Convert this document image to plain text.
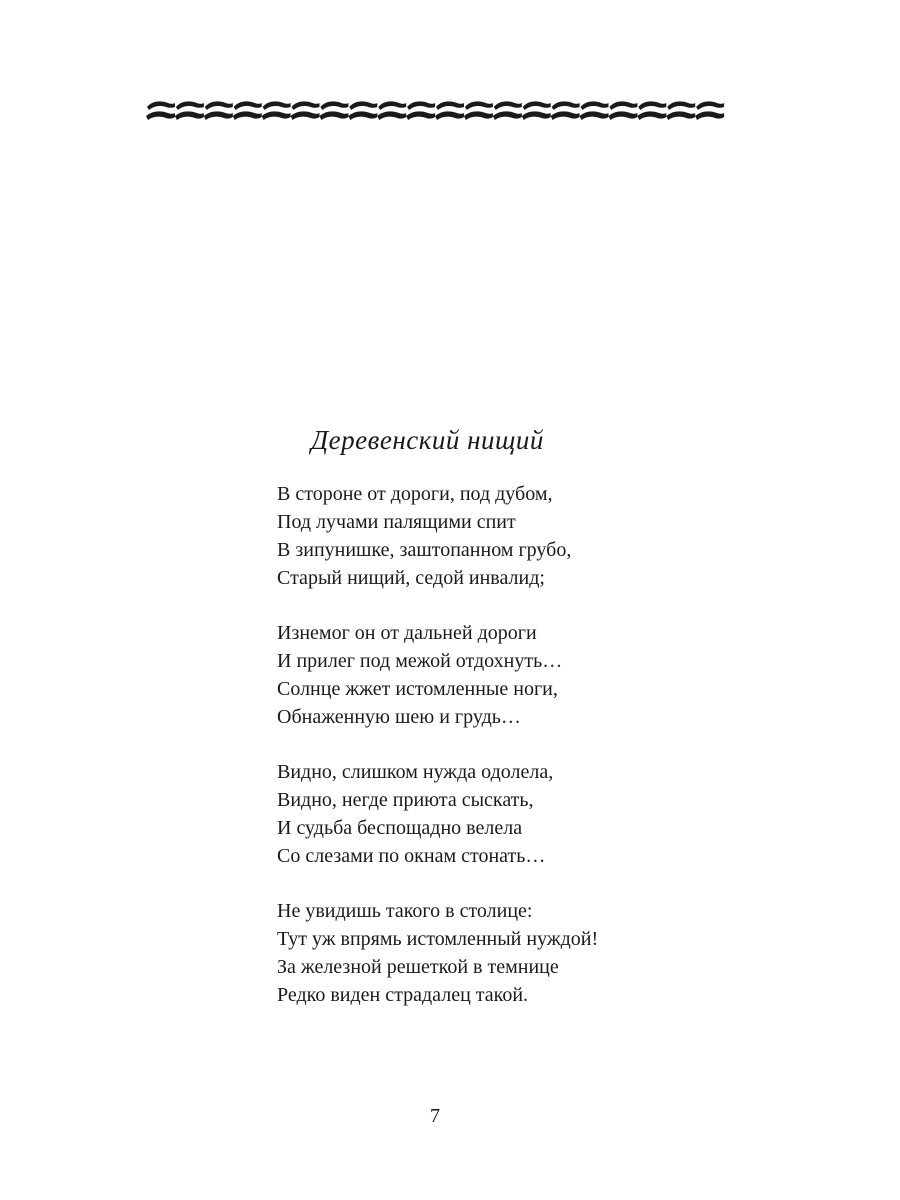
Деревенский нищий
В стороне от дороги, под дубом,
Под лучами палящими спит
В зипунишке, заштопанном грубо,
Старый нищий, седой инвалид;
Изнемог он от дальней дороги
И прилег под межой отдохнуть…
Солнце жжет истомленные ноги,
Обнаженную шею и грудь…
Видно, слишком нужда одолела,
Видно, негде приюта сыскать,
И судьба беспощадно велела
Со слезами по окнам стонать…
Не увидишь такого в столице:
Тут уж впрямь истомленный нуждой!
За железной решеткой в темнице
Редко виден страдалец такой.
7
